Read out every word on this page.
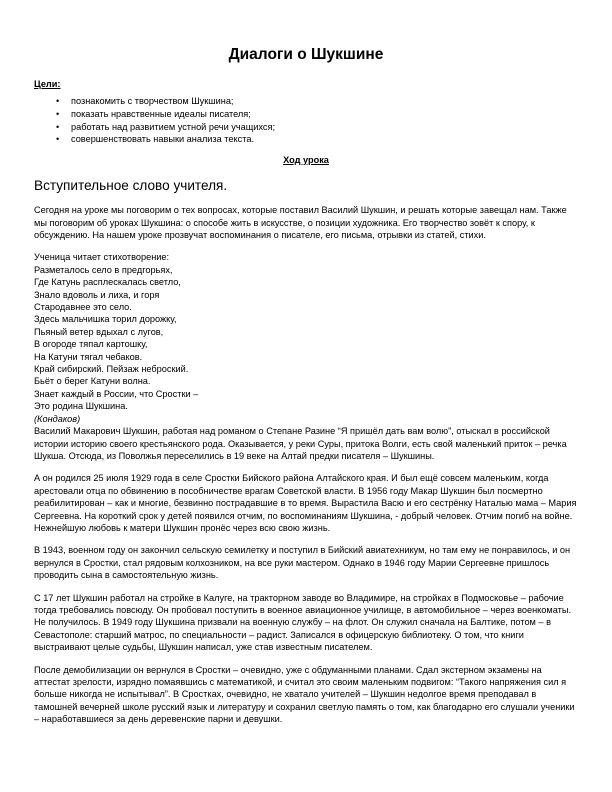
Диалоги о Шукшине
Цели:
• познакомить с творчеством Шукшина;
• показать нравственные идеалы писателя;
• работать над развитием устной речи учащихся;
• совершенствовать навыки анализа текста.
Ход урока
Вступительное слово учителя.

Сегодня на уроке мы поговорим о тех вопросах, которые поставил Василий Шукшин, и решать которые завещал нам. Также мы поговорим об уроках Шукшина: о способе жить в искусстве, о позиции художника. Его творчество зовёт к спору, к обсуждению. На нашем уроке прозвучат воспоминания о писателе, его письма, отрывки из статей, стихи.

Ученица читает стихотворение:
Разметалось село в предгорьях,
Где Катунь расплескалась светло,
Знало вдоволь и лиха, и горя
Стародавнее это село.
Здесь мальчишка торил дорожку,
Пьяный ветер вдыхал с лугов,
В огороде тяпал картошку,
На Катуни тягал чебаков.
Край сибирский. Пейзаж неброский.
Бьёт о берег Катуни волна.
Знает каждый в России, что Сростки –
Это родина Шукшина.
(Кондаков)

Василий Макарович Шукшин, работая над романом о Степане Разине “Я пришёл дать вам волю”, отыскал в российской истории историю своего крестьянского рода. Оказывается, у реки Суры, притока Волги, есть свой маленький приток – речка Шукша. Отсюда, из Поволжья переселились в 19 веке на Алтай предки писателя – Шукшины.

А он родился 25 июля 1929 года в селе Сростки Бийского района Алтайского края. И был ещё совсем маленьким, когда арестовали отца по обвинению в пособничестве врагам Советской власти. В 1956 году Макар Шукшин был посмертно реабилитирован – как и многие, безвинно пострадавшие в то время. Вырастила Васю и его сестрёнку Наталью мама – Мария Сергеевна. На короткий срок у детей появился отчим, по воспоминаниям Шукшина, - добрый человек. Отчим погиб на войне. Нежнейшую любовь к матери Шукшин пронёс через всю свою жизнь.

В 1943, военном году он закончил сельскую семилетку и поступил в Бийский авиатехникум, но там ему не понравилось, и он вернулся в Сростки, стал рядовым колхозником, на все руки мастером. Однако в 1946 году Марии Сергеевне пришлось проводить сына в самостоятельную жизнь.

С 17 лет Шукшин работал на стройке в Калуге, на тракторном заводе во Владимире, на стройках в Подмосковье – рабочие тогда требовались повсюду. Он пробовал поступить в военное авиационное училище, в автомобильное – через военкоматы. Не получилось. В 1949 году Шукшина призвали на военную службу – на флот. Он служил сначала на Балтике, потом – в Севастополе: старший матрос, по специальности – радист. Записался в офицерскую библиотеку. О том, что книги выстраивают целые судьбы, Шукшин написал, уже став известным писателем.

После демобилизации он вернулся в Сростки – очевидно, уже с обдуманными планами. Сдал экстерном экзамены на аттестат зрелости, изрядно помаявшись с математикой, и считал это своим маленьким подвигом: “Такого напряжения сил я больше никогда не испытывал”. В Сростках, очевидно, не хватало учителей – Шукшин недолгое время преподавал в тамошней вечерней школе русский язык и литературу и сохранил светлую память о том, как благодарно его слушали ученики – наработавшиеся за день деревенские парни и девушки.
